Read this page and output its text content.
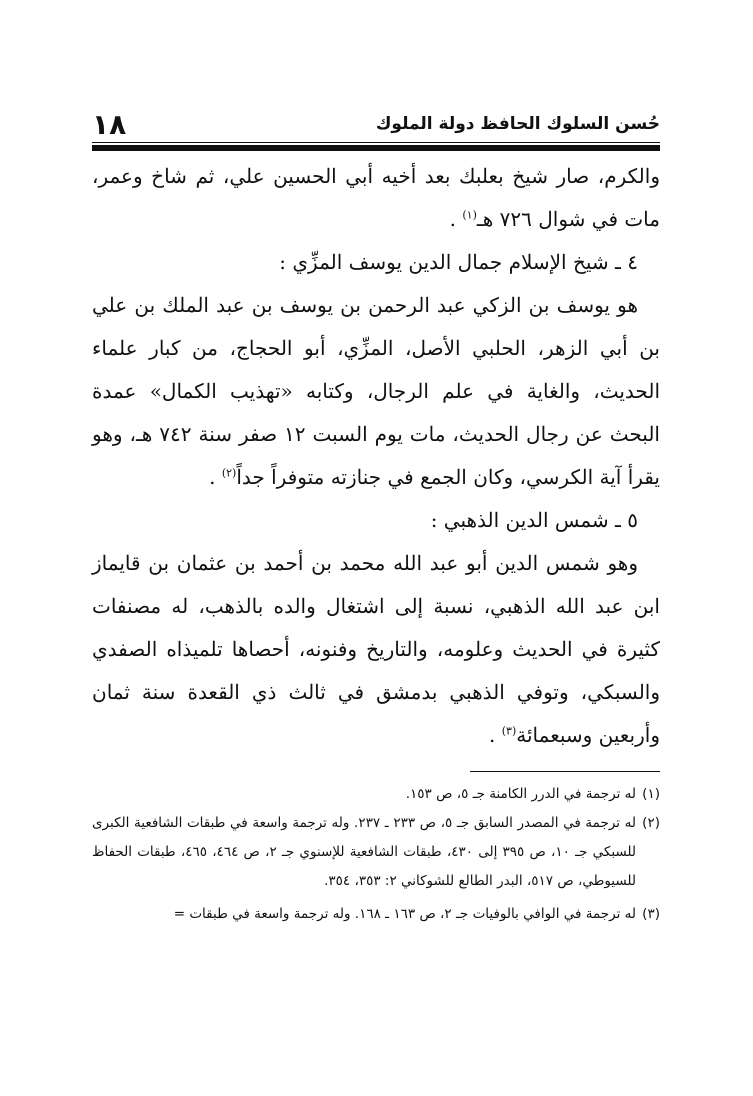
حُسن السلوك الحافظ دولة الملوك
١٨

والكرم، صار شيخ بعلبك بعد أخيه أبي الحسين علي، ثم شاخ وعمر، مات في شوال ٧٢٦ هـ$^{(١)}$ .

٤ ـ شيخ الإسلام جمال الدين يوسف المزِّي :

هو يوسف بن الزكي عبد الرحمن بن يوسف بن عبد الملك بن علي بن أبي الزهر، الحلبي الأصل، المزِّي، أبو الحجاج، من كبار علماء الحديث، والغاية في علم الرجال، وكتابه «تهذيب الكمال» عمدة البحث عن رجال الحديث، مات يوم السبت ١٢ صفر سنة ٧٤٢ هـ، وهو يقرأ آية الكرسي، وكان الجمع في جنازته متوفراً جداً$^{(٢)}$ .

٥ ـ شمس الدين الذهبي :

وهو شمس الدين أبو عبد الله محمد بن أحمد بن عثمان بن قايماز ابن عبد الله الذهبي، نسبة إلى اشتغال والده بالذهب، له مصنفات كثيرة في الحديث وعلومه، والتاريخ وفنونه، أحصاها تلميذاه الصفدي والسبكي، وتوفي الذهبي بدمشق في ثالث ذي القعدة سنة ثمان وأربعين وسبعمائة$^{(٣)}$ .

(١)
له ترجمة في الدرر الكامنة جـ ٥، ص ١٥٣.
(٢)
له ترجمة في المصدر السابق جـ ٥، ص ٢٣٣ ـ ٢٣٧. وله ترجمة واسعة في طبقات الشافعية الكبرى للسبكي جـ ١٠، ص ٣٩٥ إلى ٤٣٠، طبقات الشافعية للإسنوي جـ ٢، ص ٤٦٤، ٤٦٥، طبقات الحفاظ للسيوطي، ص ٥١٧، البدر الطالع للشوكاني ٢: ٣٥٣، ٣٥٤.
(٣)
له ترجمة في الوافي بالوفيات جـ ٢، ص ١٦٣ ـ ١٦٨. وله ترجمة واسعة في طبقات =
